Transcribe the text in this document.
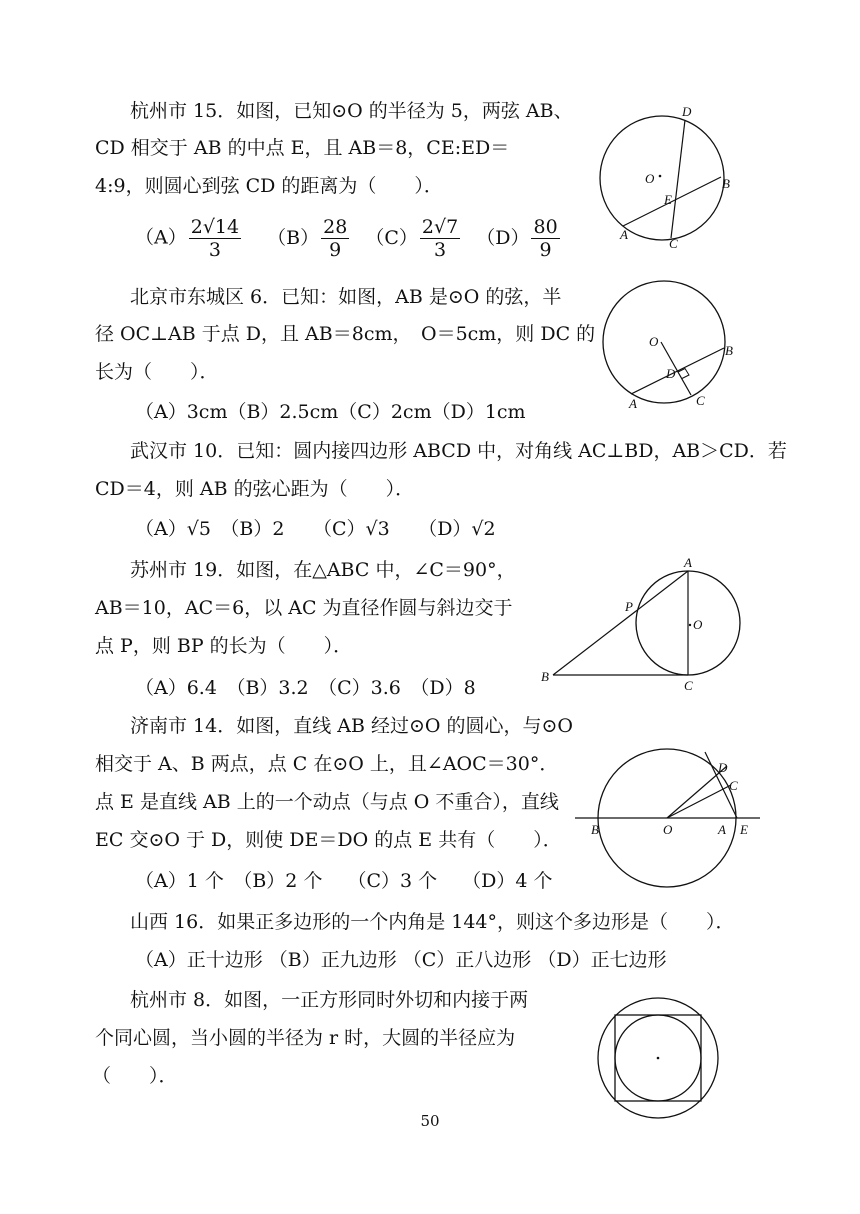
杭州市 15．如图，已知⊙O 的半径为 5，两弦 AB、
CD 相交于 AB 的中点 E，且 AB＝8，CE:ED＝
4:9，则圆心到弦 CD 的距离为（　　）．
$(A) \frac{2√14}{3} (B) \frac{28}{9} (C) \frac{2√7}{3} (D) \frac{80}{9}$
D
O	B
E
A
C
北京市东城区 6．已知：如图，AB 是⊙O 的弦，半
径 OC⊥AB 于点 D，且 AB＝8cm，　O＝5cm，则 DC 的
长为（　　）．
（A）3cm（B）2.5cm（C）2cm（D）1cm
O
B
D
A	C
武汉市 10．已知：圆内接四边形 ABCD 中，对角线 AC⊥BD，AB＞CD．若
CD＝4，则 AB 的弦心距为（　　）．
（A）√5　（B）2　　（C）√3　　（D）√2
苏州市 19．如图，在△ABC 中，∠C＝90°，
AB＝10，AC＝6，以 AC 为直径作圆与斜边交于
点 P，则 BP 的长为（　　）．
（A）6.4　（B）3.2　（C）3.6　（D）8
A
P
O
B
C
济南市 14．如图，直线 AB 经过⊙O 的圆心，与⊙O
相交于 A、B 两点，点 C 在⊙O 上，且∠AOC＝30°．
点 E 是直线 AB 上的一个动点（与点 O 不重合），直线
EC 交⊙O 于 D，则使 DE＝DO 的点 E 共有（　　）．
（A）1 个　（B）2 个　 （C）3 个　 （D）4 个
D
C
B	O	A E
山西 16．如果正多边形的一个内角是 144°，则这个多边形是（　　）．
（A）正十边形 （B）正九边形 （C）正八边形 （D）正七边形
杭州市 8．如图，一正方形同时外切和内接于两
个同心圆，当小圆的半径为 r 时，大圆的半径应为
（　　）．
50
